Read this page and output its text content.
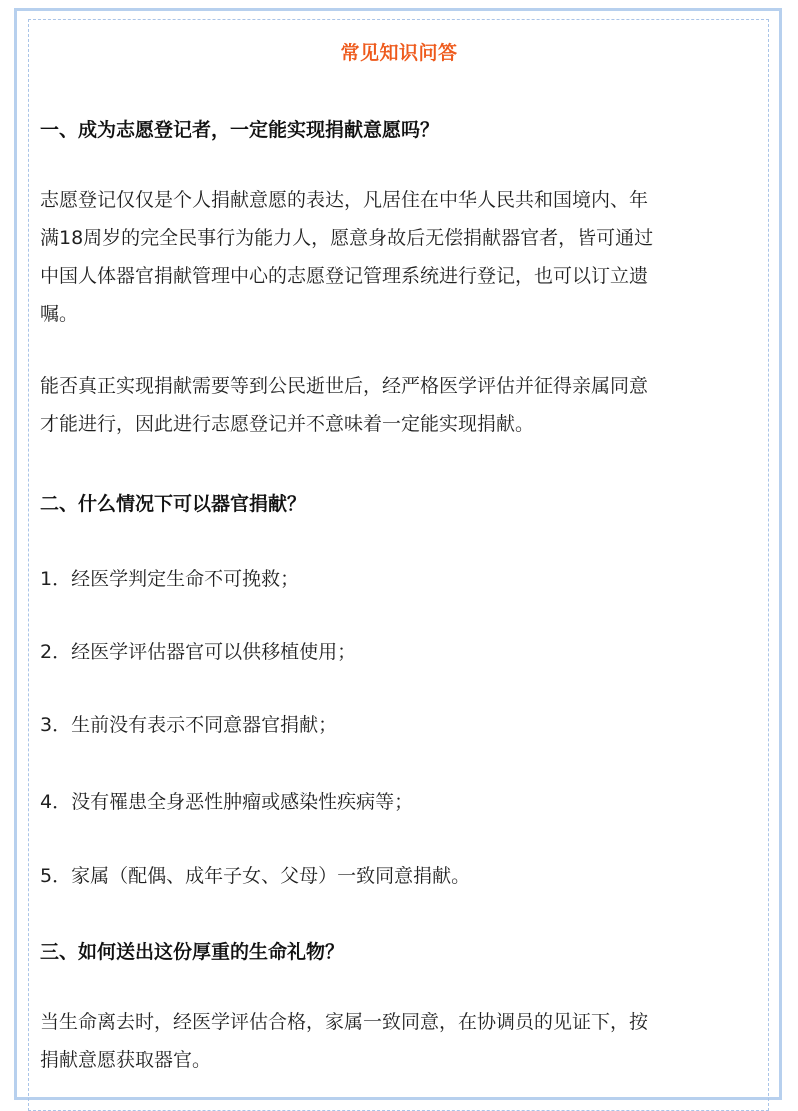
常见知识问答
一、成为志愿登记者，一定能实现捐献意愿吗？
志愿登记仅仅是个人捐献意愿的表达，凡居住在中华人民共和国境内、年
满18周岁的完全民事行为能力人，愿意身故后无偿捐献器官者，皆可通过
中国人体器官捐献管理中心的志愿登记管理系统进行登记，也可以订立遗
嘱。
能否真正实现捐献需要等到公民逝世后，经严格医学评估并征得亲属同意
才能进行，因此进行志愿登记并不意味着一定能实现捐献。
二、什么情况下可以器官捐献？
1．经医学判定生命不可挽救；
2．经医学评估器官可以供移植使用；
3．生前没有表示不同意器官捐献；
4．没有罹患全身恶性肿瘤或感染性疾病等；
5．家属（配偶、成年子女、父母）一致同意捐献。
三、如何送出这份厚重的生命礼物？
当生命离去时，经医学评估合格，家属一致同意，在协调员的见证下，按
捐献意愿获取器官。
